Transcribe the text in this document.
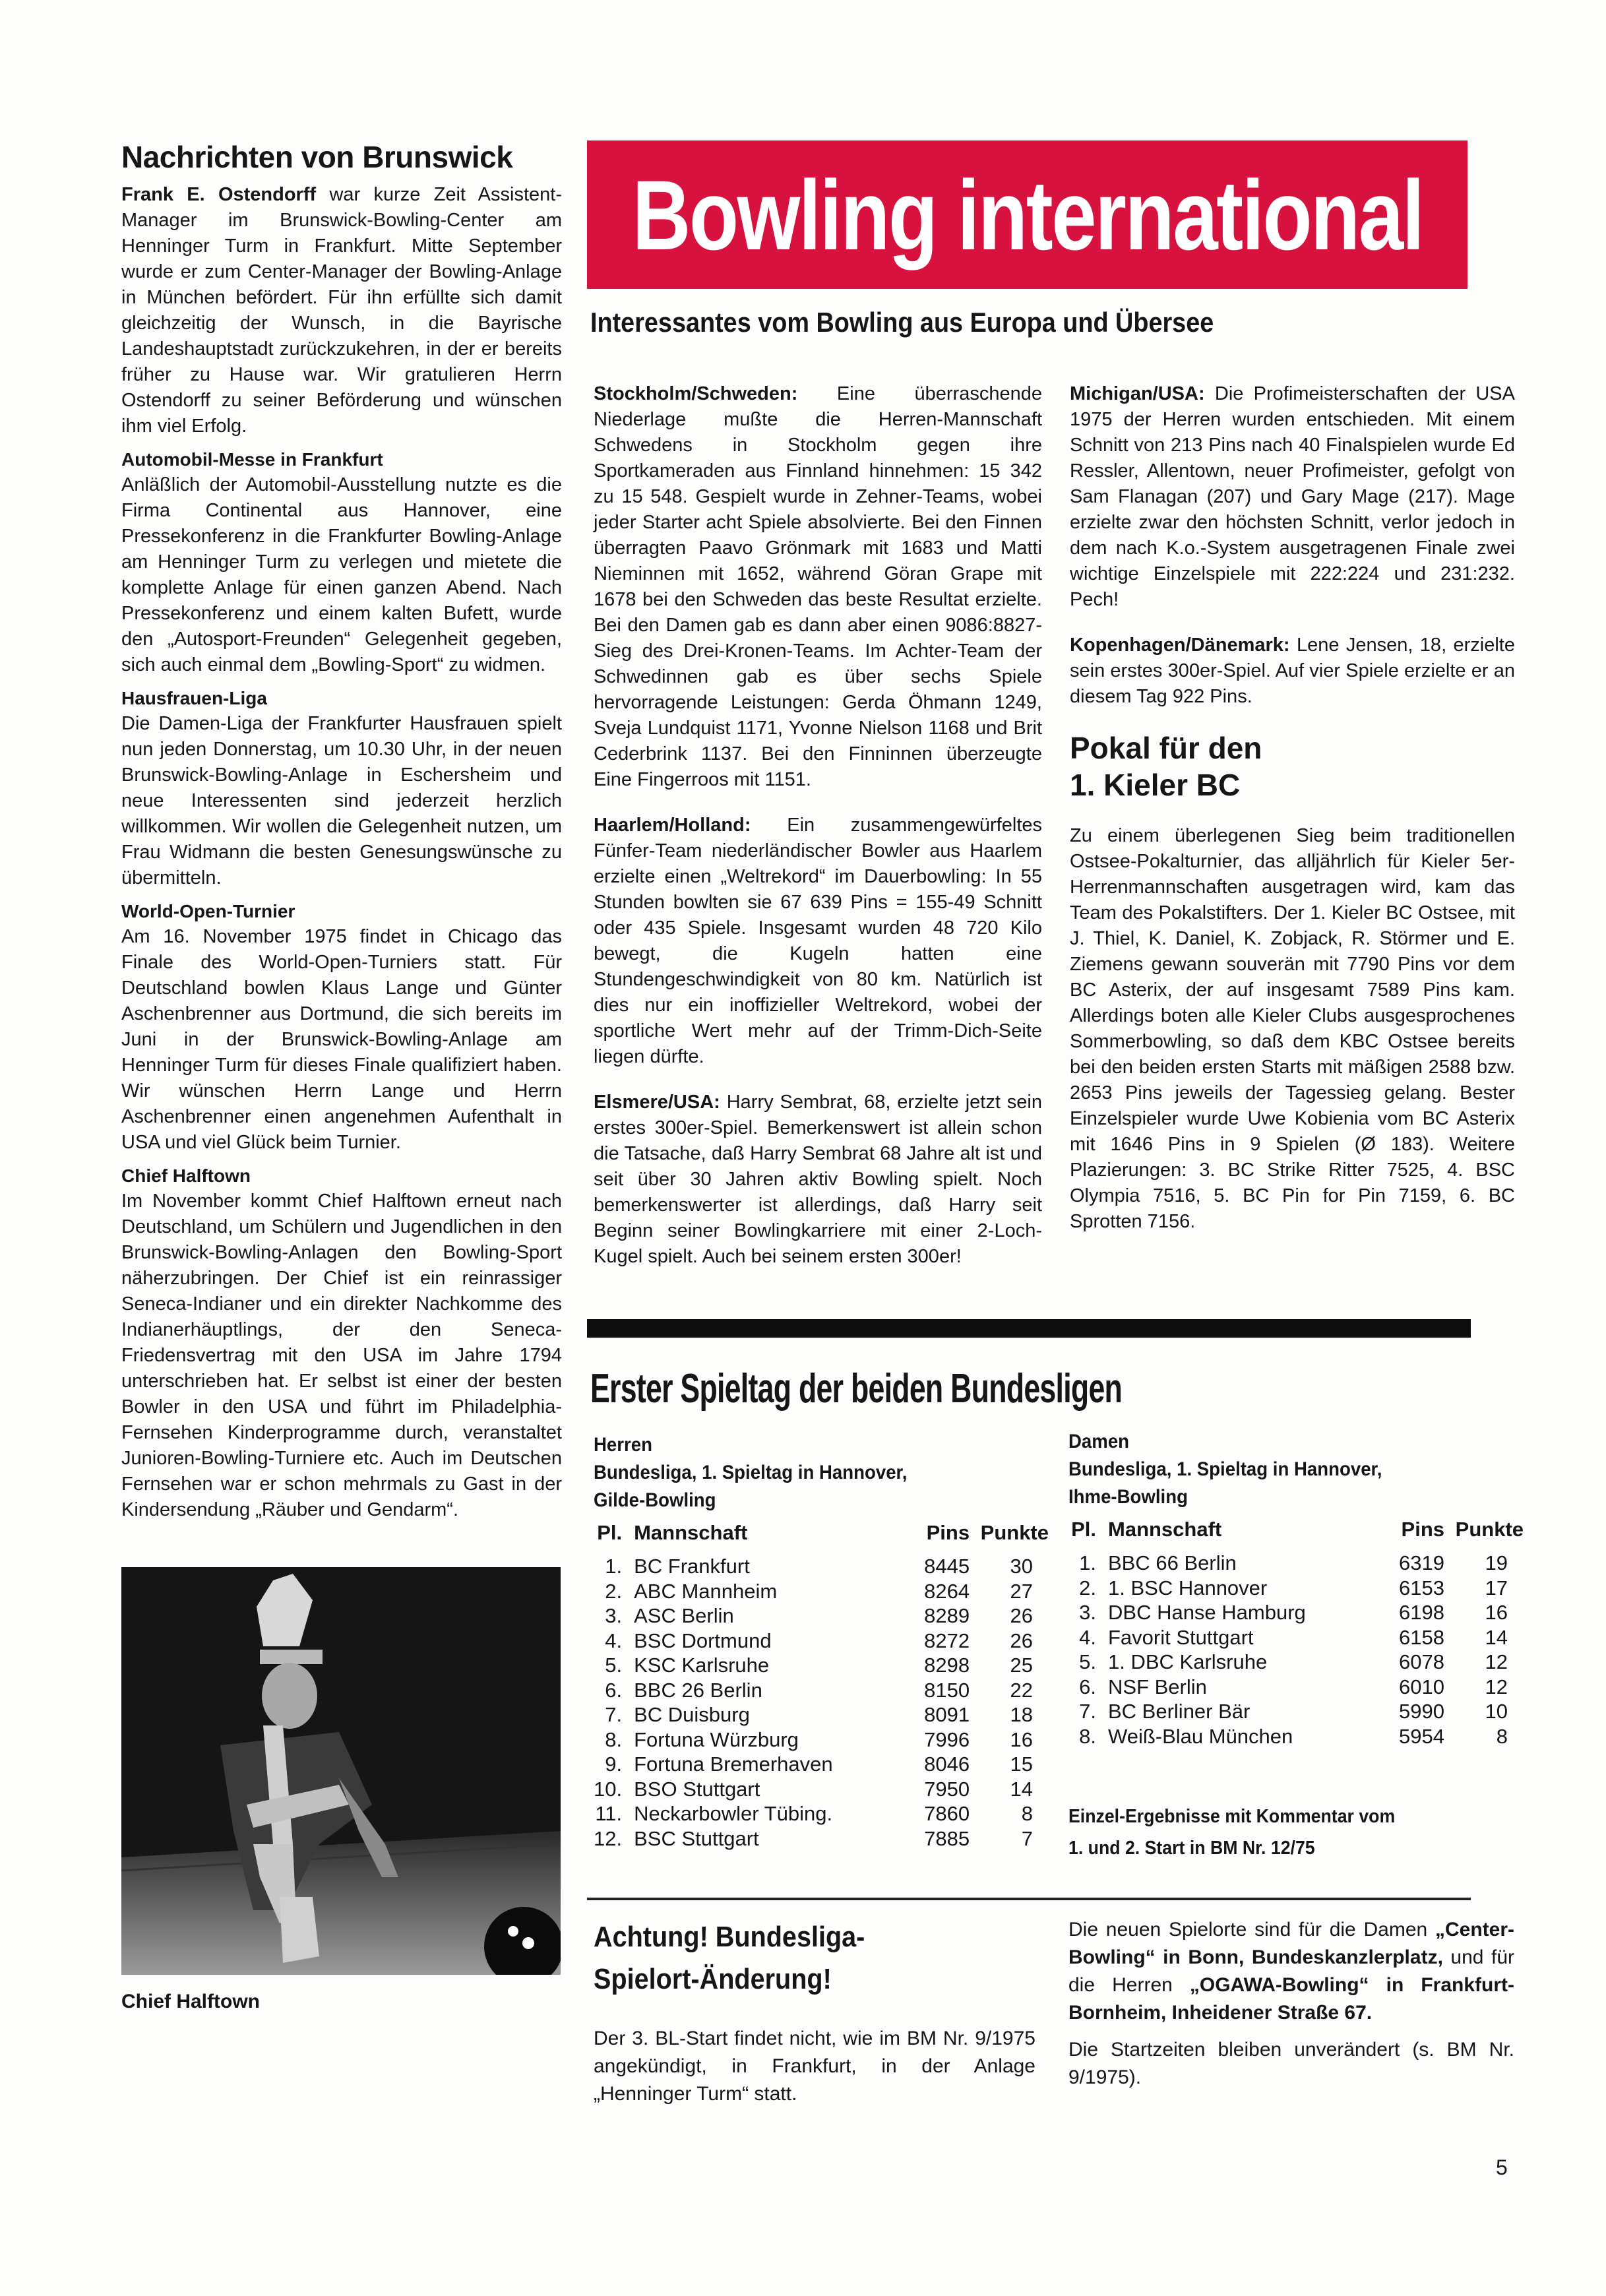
Nachrichten von Brunswick

Frank E. Ostendorff war kurze Zeit Assistent-Manager im Brunswick-Bowling-Center am Henninger Turm in Frankfurt. Mitte September wurde er zum Center-Manager der Bowling-Anlage in München befördert. Für ihn erfüllte sich damit gleichzeitig der Wunsch, in die Bayrische Landeshauptstadt zurückzukehren, in der er bereits früher zu Hause war. Wir gratulieren Herrn Ostendorff zu seiner Beförderung und wünschen ihm viel Erfolg.

Automobil-Messe in Frankfurt

Anläßlich der Automobil-Ausstellung nutzte es die Firma Continental aus Hannover, eine Pressekonferenz in die Frankfurter Bowling-Anlage am Henninger Turm zu verlegen und mietete die komplette Anlage für einen ganzen Abend. Nach Pressekonferenz und einem kalten Bufett, wurde den „Autosport-Freunden“ Gelegenheit gegeben, sich auch einmal dem „Bowling-Sport“ zu widmen.

Hausfrauen-Liga

Die Damen-Liga der Frankfurter Hausfrauen spielt nun jeden Donnerstag, um 10.30 Uhr, in der neuen Brunswick-Bowling-Anlage in Eschersheim und neue Interessenten sind jederzeit herzlich willkommen. Wir wollen die Gelegenheit nutzen, um Frau Widmann die besten Genesungswünsche zu übermitteln.

World-Open-Turnier

Am 16. November 1975 findet in Chicago das Finale des World-Open-Turniers statt. Für Deutschland bowlen Klaus Lange und Günter Aschenbrenner aus Dortmund, die sich bereits im Juni in der Brunswick-Bowling-Anlage am Henninger Turm für dieses Finale qualifiziert haben. Wir wünschen Herrn Lange und Herrn Aschenbrenner einen angenehmen Aufenthalt in USA und viel Glück beim Turnier.

Chief Halftown

Im November kommt Chief Halftown erneut nach Deutschland, um Schülern und Jugendlichen in den Brunswick-Bowling-Anlagen den Bowling-Sport näherzubringen. Der Chief ist ein reinrassiger Seneca-Indianer und ein direkter Nachkomme des Indianerhäuptlings, der den Seneca-Friedensvertrag mit den USA im Jahre 1794 unterschrieben hat. Er selbst ist einer der besten Bowler in den USA und führt im Philadelphia-Fernsehen Kinderprogramme durch, veranstaltet Junioren-Bowling-Turniere etc. Auch im Deutschen Fernsehen war er schon mehrmals zu Gast in der Kindersendung „Räuber und Gendarm“.

Chief Halftown
Bowling international
Interessantes vom Bowling aus Europa und Übersee

Stockholm/Schweden: Eine überraschende Niederlage mußte die Herren-Mannschaft Schwedens in Stockholm gegen ihre Sportkameraden aus Finnland hinnehmen: 15 342 zu 15 548. Gespielt wurde in Zehner-Teams, wobei jeder Starter acht Spiele absolvierte. Bei den Finnen überragten Paavo Grönmark mit 1683 und Matti Nieminnen mit 1652, während Göran Grape mit 1678 bei den Schweden das beste Resultat erzielte. Bei den Damen gab es dann aber einen 9086:8827-Sieg des Drei-Kronen-Teams. Im Achter-Team der Schwedinnen gab es über sechs Spiele hervorragende Leistungen: Gerda Öhmann 1249, Sveja Lundquist 1171, Yvonne Nielson 1168 und Brit Cederbrink 1137. Bei den Finninnen überzeugte Eine Fingerroos mit 1151.

Haarlem/Holland: Ein zusammengewürfeltes Fünfer-Team niederländischer Bowler aus Haarlem erzielte einen „Weltrekord“ im Dauerbowling: In 55 Stunden bowlten sie 67 639 Pins = 155-49 Schnitt oder 435 Spiele. Insgesamt wurden 48 720 Kilo bewegt, die Kugeln hatten eine Stundengeschwindigkeit von 80 km. Natürlich ist dies nur ein inoffizieller Weltrekord, wobei der sportliche Wert mehr auf der Trimm-Dich-Seite liegen dürfte.

Elsmere/USA: Harry Sembrat, 68, erzielte jetzt sein erstes 300er-Spiel. Bemerkenswert ist allein schon die Tatsache, daß Harry Sembrat 68 Jahre alt ist und seit über 30 Jahren aktiv Bowling spielt. Noch bemerkenswerter ist allerdings, daß Harry seit Beginn seiner Bowlingkarriere mit einer 2-Loch-Kugel spielt. Auch bei seinem ersten 300er!

Michigan/USA: Die Profimeisterschaften der USA 1975 der Herren wurden entschieden. Mit einem Schnitt von 213 Pins nach 40 Finalspielen wurde Ed Ressler, Allentown, neuer Profimeister, gefolgt von Sam Flanagan (207) und Gary Mage (217). Mage erzielte zwar den höchsten Schnitt, verlor jedoch in dem nach K.o.-System ausgetragenen Finale zwei wichtige Einzelspiele mit 222:224 und 231:232. Pech!

Kopenhagen/Dänemark: Lene Jensen, 18, erzielte sein erstes 300er-Spiel. Auf vier Spiele erzielte er an diesem Tag 922 Pins.

Pokal für den
1. Kieler BC

Zu einem überlegenen Sieg beim traditionellen Ostsee-Pokalturnier, das alljährlich für Kieler 5er-Herrenmannschaften ausgetragen wird, kam das Team des Pokalstifters. Der 1. Kieler BC Ostsee, mit J. Thiel, K. Daniel, K. Zobjack, R. Störmer und E. Ziemens gewann souverän mit 7790 Pins vor dem BC Asterix, der auf insgesamt 7589 Pins kam. Allerdings boten alle Kieler Clubs ausgesprochenes Sommerbowling, so daß dem KBC Ostsee bereits bei den beiden ersten Starts mit mäßigen 2588 bzw. 2653 Pins jeweils der Tagessieg gelang. Bester Einzelspieler wurde Uwe Kobienia vom BC Asterix mit 1646 Pins in 9 Spielen (Ø 183). Weitere Plazierungen: 3. BC Strike Ritter 7525, 4. BSC Olympia 7516, 5. BC Pin for Pin 7159, 6. BC Sprotten 7156.

Erster Spieltag der beiden Bundesligen
Herren
Bundesliga, 1. Spieltag in Hannover,
Gilde-Bowling
Pl.	Mannschaft	Pins	Punkte
1.	BC Frankfurt	8445	30
2.	ABC Mannheim	8264	27
3.	ASC Berlin	8289	26
4.	BSC Dortmund	8272	26
5.	KSC Karlsruhe	8298	25
6.	BBC 26 Berlin	8150	22
7.	BC Duisburg	8091	18
8.	Fortuna Würzburg	7996	16
9.	Fortuna Bremerhaven	8046	15
10.	BSO Stuttgart	7950	14
11.	Neckarbowler Tübing.	7860	8
12.	BSC Stuttgart	7885	7
Damen
Bundesliga, 1. Spieltag in Hannover,
Ihme-Bowling
Pl.	Mannschaft	Pins	Punkte
1.	BBC 66 Berlin	6319	19
2.	1. BSC Hannover	6153	17
3.	DBC Hanse Hamburg	6198	16
4.	Favorit Stuttgart	6158	14
5.	1. DBC Karlsruhe	6078	12
6.	NSF Berlin	6010	12
7.	BC Berliner Bär	5990	10
8.	Weiß-Blau München	5954	8
Einzel-Ergebnisse mit Kommentar vom
1. und 2. Start in BM Nr. 12/75
Achtung! Bundesliga-
Spielort-Änderung!
Der 3. BL-Start findet nicht, wie im BM Nr. 9/1975 angekündigt, in Frankfurt, in der Anlage „Henninger Turm“ statt.

Die neuen Spielorte sind für die Damen „Center-Bowling“ in Bonn, Bundeskanzlerplatz, und für die Herren „OGAWA-Bowling“ in Frankfurt-Bornheim, Inheidener Straße 67.

Die Startzeiten bleiben unverändert (s. BM Nr. 9/1975).

5
